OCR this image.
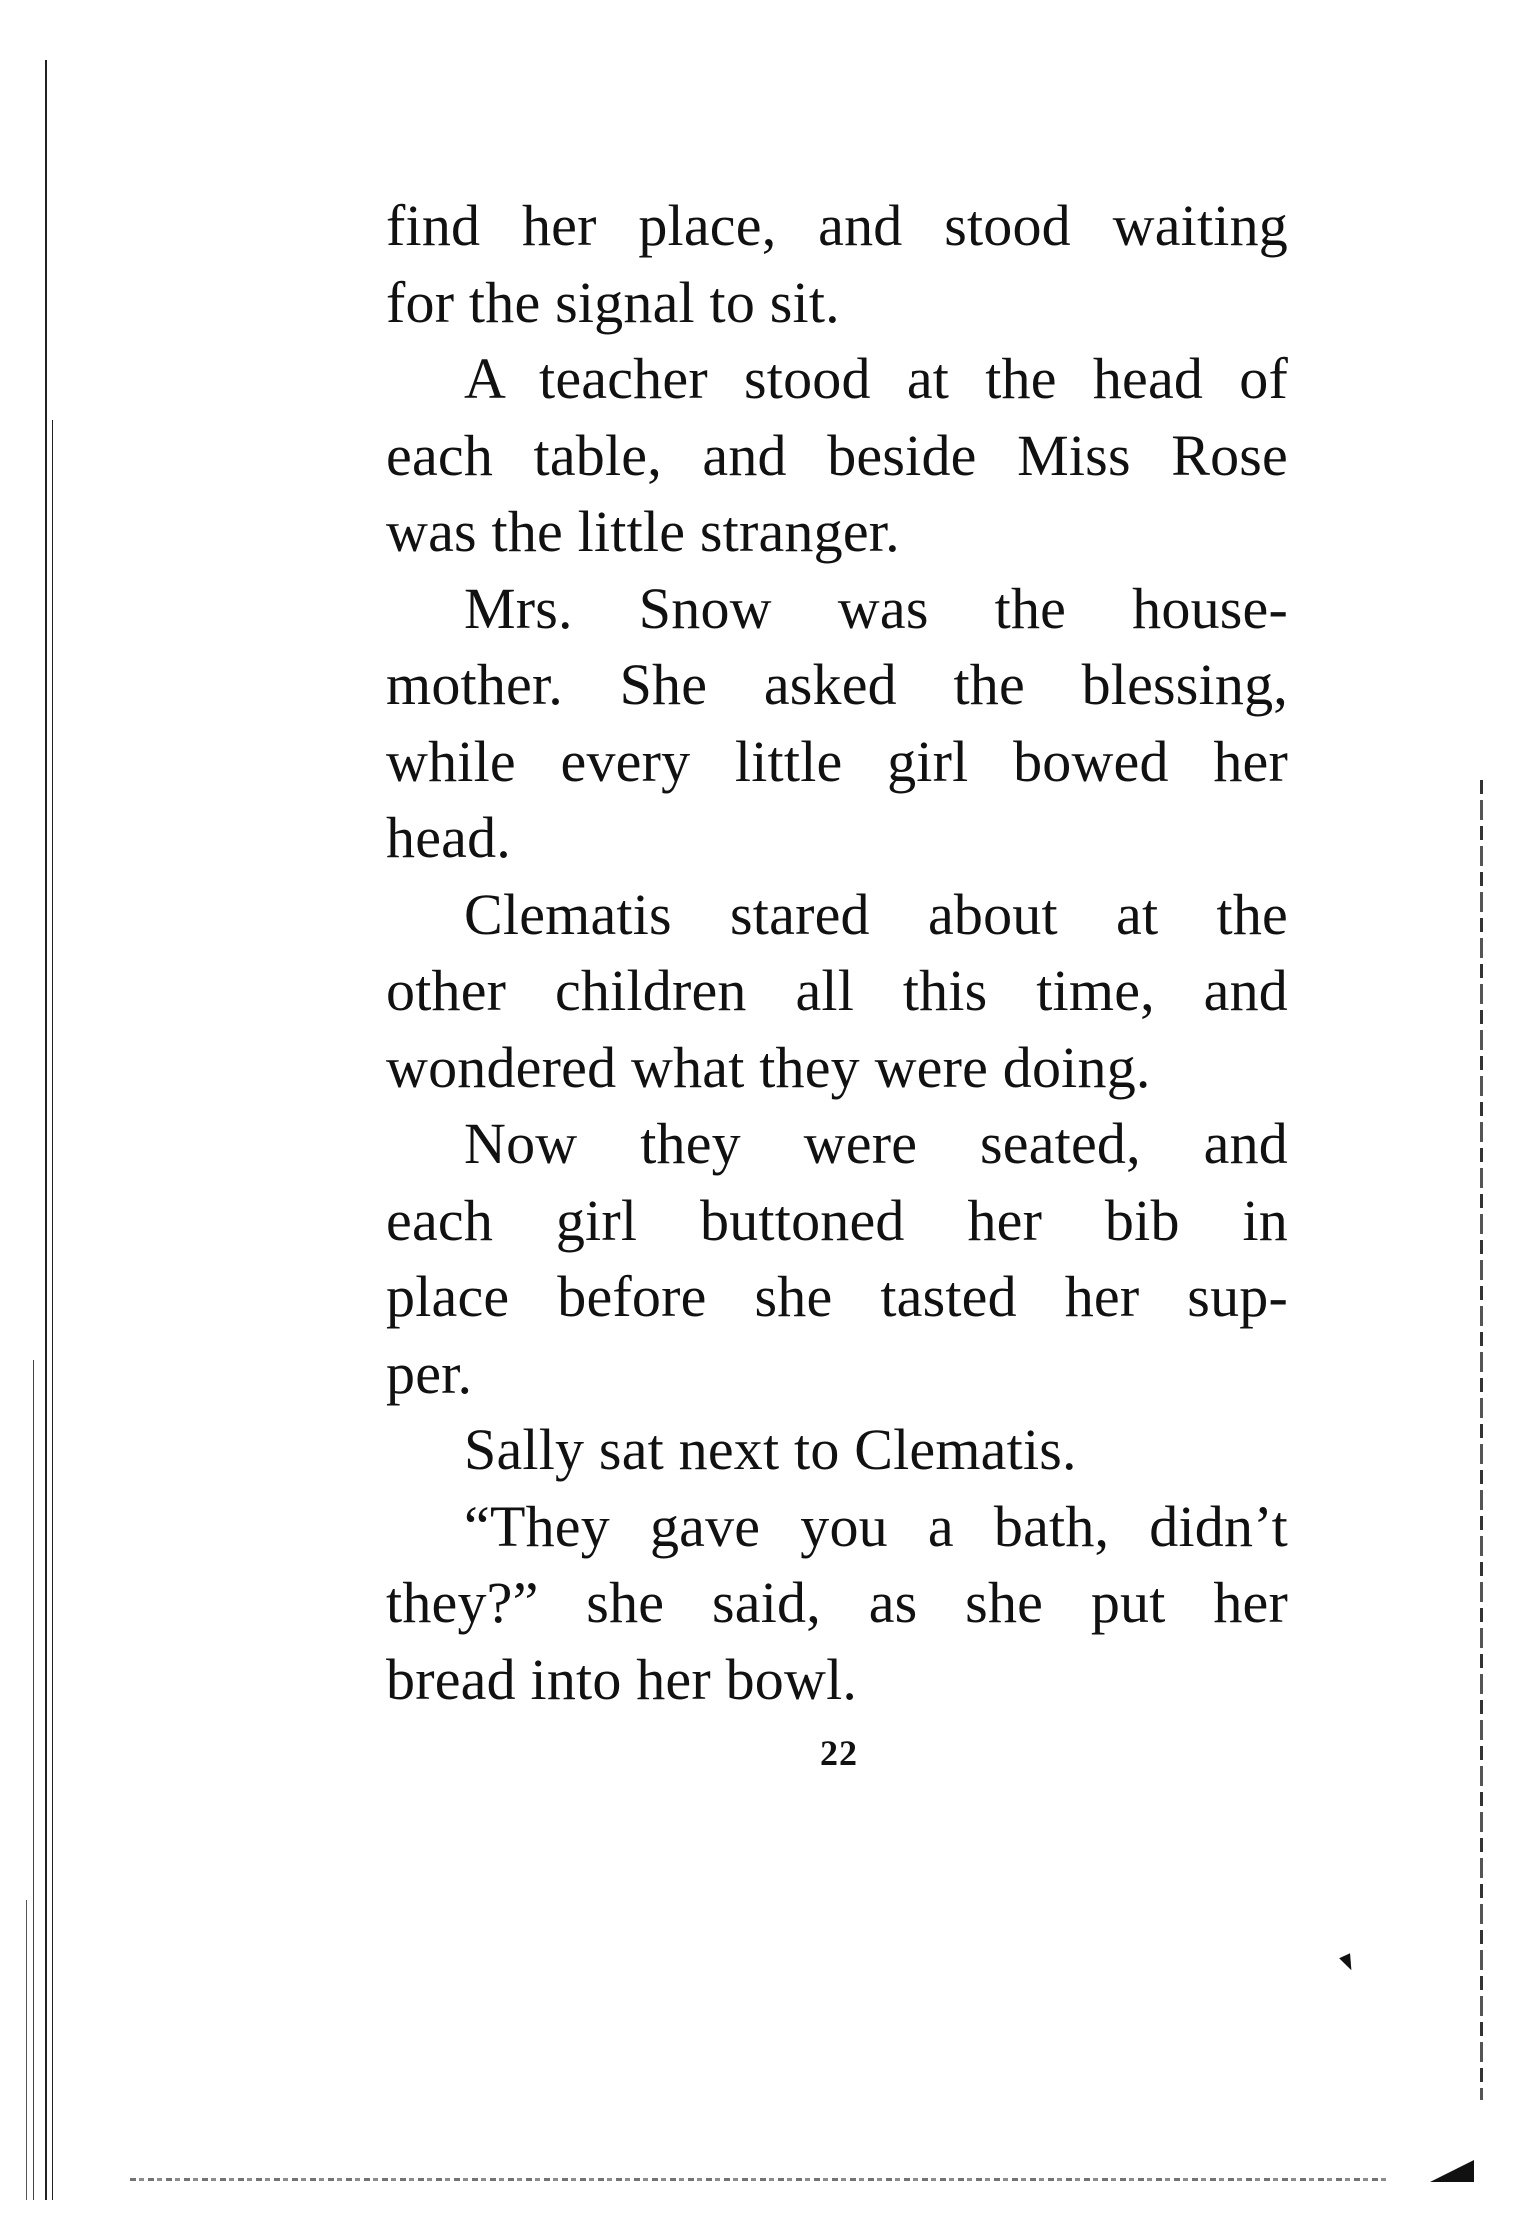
find her place, and stood waiting

for the signal to sit.

A teacher stood at the head of

each table, and beside Miss Rose

was the little stranger.

Mrs. Snow was the house-

mother. She asked the blessing,

while every little girl bowed her

head.

Clematis stared about at the

other children all this time, and

wondered what they were doing.

Now they were seated, and

each girl buttoned her bib in

place before she tasted her sup-

per.

Sally sat next to Clematis.

“They gave you a bath, didn’t

they?” she said, as she put her

bread into her bowl.

22
